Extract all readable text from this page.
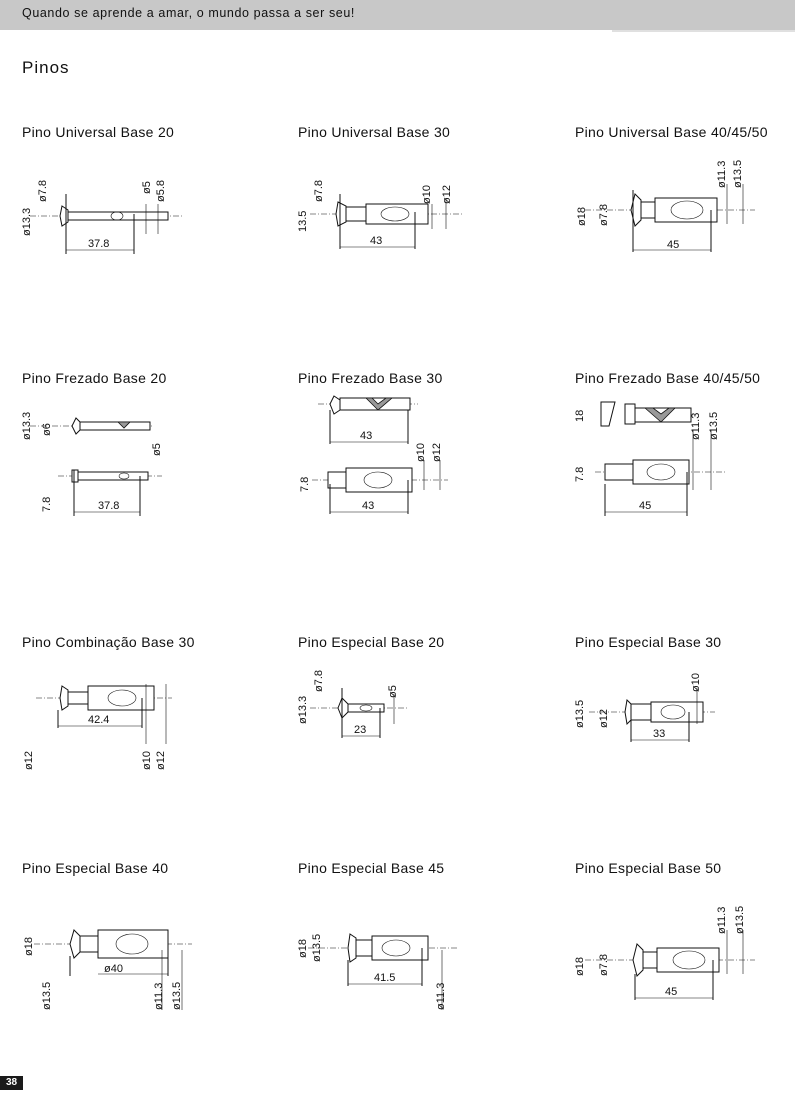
Quando se aprende a amar, o mundo passa a ser seu!
Pinos
Pino Universal Base 20
37.8
ø7.8
ø13.3
ø5 ø5.8
Pino Universal Base 30
43
ø7.8
13.5
ø10 ø12
Pino Universal Base 40/45/50
45
ø18 ø7.8
ø11.3 ø13.5
Pino Frezado Base 20
37.8
ø13.3 ø6
ø5
7.8
Pino Frezado Base 30
43
43
ø10 ø12
7.8
Pino Frezado Base 40/45/50
45
18	ø11.3 ø13.5
7.8
Pino Combinação Base 30
42.4
ø12	ø10 ø12
Pino Especial Base 20
23
ø7.8
ø13.3
ø5
Pino Especial Base 30
33
ø13.5 ø12
ø10
Pino Especial Base 40
ø18
ø13.5
ø40
ø11.3 ø13.5
Pino Especial Base 45
41.5
ø18 ø13.5
ø11.3
Pino Especial Base 50
45
ø18 ø7.8
ø11.3 ø13.5
38
